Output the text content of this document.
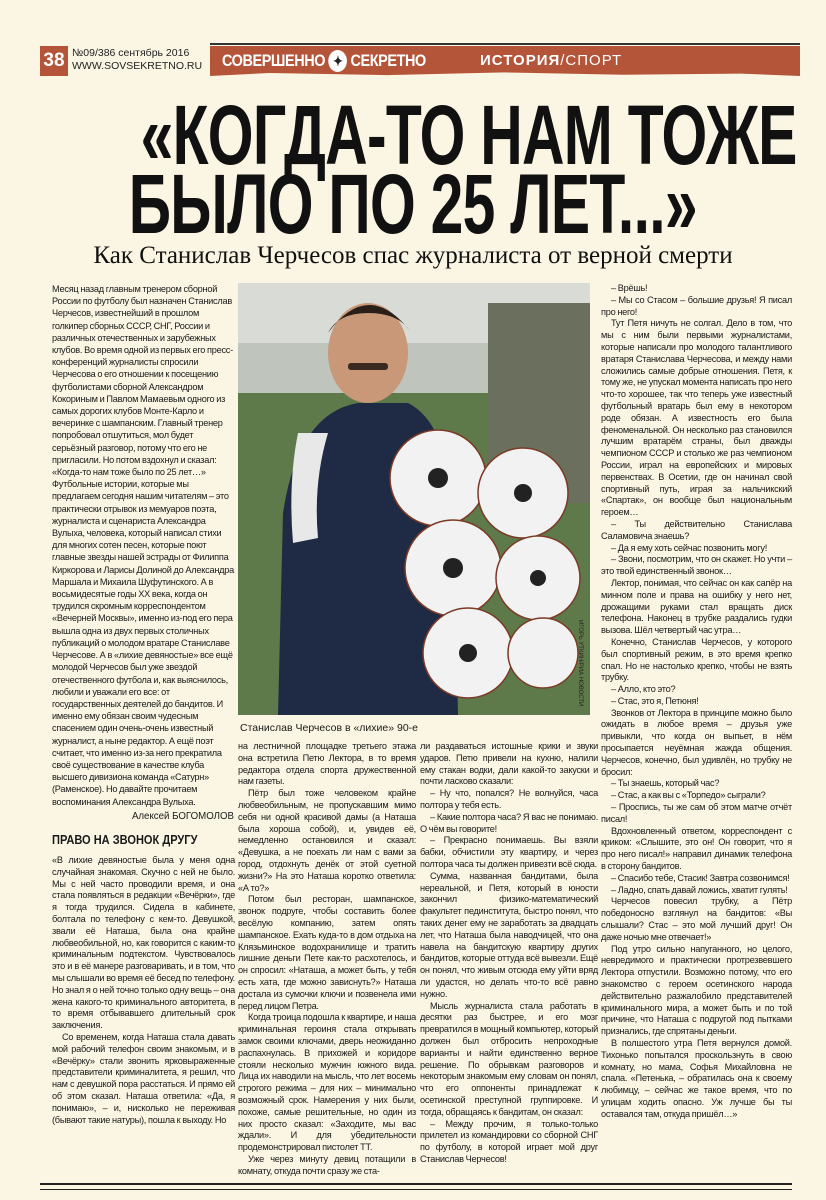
38 №09/386 сентябрь 2016
WWW.SOVSEKRETNO.RU	СОВЕРШЕННО ✦ СЕКРЕТНО	ИСТОРИЯ/СПОРТ
«КОГДА-ТО НАМ ТОЖЕ
БЫЛО ПО 25 ЛЕТ...»
Как Станислав Черчесов спас журналиста от верной смерти

Месяц назад главным тренером сборной России по футболу был назначен Станислав Черчесов, известнейший в прошлом голкипер сборных СССР, СНГ, России и различных отечественных и зарубежных клубов. Во время одной из первых его пресс-конференций журналисты спросили Черчесова о его отношении к посещению футболистами сборной Александром Кокориным и Павлом Мамаевым одного из самых дорогих клубов Монте-Карло и вечеринке с шампанским. Главный тренер попробовал отшутиться, мол будет серьёзный разговор, потому что его не пригласили. Но потом вздохнул и сказал: «Когда-то нам тоже было по 25 лет…»

Футбольные истории, которые мы предлагаем сегодня нашим читателям – это практически отрывок из мемуаров поэта, журналиста и сценариста Александра Вулыха, человека, который написал стихи для многих сотен песен, которые поют главные звезды нашей эстрады от Филиппа Киркорова и Ларисы Долиной до Александра Маршала и Михаила Шуфутинского. А в восьмидесятые годы XX века, когда он трудился скромным корреспондентом «Вечерней Москвы», именно из-под его пера вышла одна из двух первых столичных публикаций о молодом вратаре Станиславе Черчесове. А в «лихие девяностые» все ещё молодой Черчесов был уже звездой отечественного футбола и, как выяснилось, любили и уважали его все: от государственных деятелей до бандитов. И именно ему обязан своим чудесным спасением один очень-очень известный журналист, а ныне редактор. А ещё поэт считает, что именно из-за него прекратила своё существование в качестве клуба высшего дивизиона команда «Сатурн» (Раменское). Но давайте прочитаем воспоминания Александра Вулыха.

Алексей БОГОМОЛОВ
ПРАВО НА ЗВОНОК ДРУГУ

«В лихие девяностые была у меня одна случайная знакомая. Скучно с ней не было. Мы с ней часто проводили время, и она стала появляться в редакции «Вечёрки», где я тогда трудился. Сидела в кабинете, болтала по телефону с кем-то. Девушкой, звали её Наташа, была она крайне любвеобильной, но, как говорится с каким-то криминальным подтекстом. Чувствовалось это и в её манере разговаривать, и в том, что мы слышали во время её бесед по телефону. Но знал я о ней точно только одну вещь – она жена какого-то криминального авторитета, в то время отбывавшего длительный срок заключения.

Со временем, когда Наташа стала давать мой рабочий телефон своим знакомым, и в «Вечёрку» стали звонить ярковыраженные представители криминалитета, я решил, что нам с девушкой пора расстаться. И прямо ей об этом сказал. Наташа ответила: «Да, я понимаю», – и, нисколько не переживая (бывают такие натуры), пошла к выходу. Но

ИГОРЬ УТКИН/РИА НОВОСТИ
Станислав Черчесов в «лихие» 90-е

на лестничной площадке третьего этажа она встретила Петю Лектора, в то время редактора отдела спорта дружественной нам газеты.

Пётр был тоже человеком крайне любвеобильным, не пропускавшим мимо себя ни одной красивой дамы (а Наташа была хороша собой), и, увидев её, немедленно остановился и сказал: «Девушка, а не поехать ли нам с вами за город, отдохнуть денёк от этой суетной жизни?» На это Наташа коротко ответила: «А то?»

Потом был ресторан, шампанское, звонок подруге, чтобы составить более весёлую компанию, затем опять шампанское. Ехать куда-то в дом отдыха на Клязьминское водохранилище и тратить лишние деньги Пете как-то расхотелось, и он спросил: «Наташа, а может быть, у тебя есть хата, где можно зависнуть?» Наташа достала из сумочки ключи и позвенела ими перед лицом Петра.

Когда троица подошла к квартире, и наша криминальная героиня стала открывать замок своими ключами, дверь неожиданно распахнулась. В прихожей и коридоре стояли несколько мужчин южного вида. Лица их наводили на мысль, что лет восемь строгого режима – для них – минимально возможный срок. Намерения у них были, похоже, самые решительные, но один из них просто сказал: «Заходите, мы вас ждали». И для убедительности продемонстрировал пистолет ТТ.

Уже через минуту девиц потащили в комнату, откуда почти сразу же ста-

ли раздаваться истошные крики и звуки ударов. Петю привели на кухню, налили ему стакан водки, дали какой-то закуски и почти ласково сказали:

– Ну что, попался? Не волнуйся, часа полтора у тебя есть.

– Какие полтора часа? Я вас не понимаю. О чём вы говорите!

– Прекрасно понимаешь. Вы взяли бабки, обчистили эту квартиру, и через полтора часа ты должен привезти всё сюда.

Сумма, названная бандитами, была нереальной, и Петя, который в юности закончил физико-математический факультет пединститута, быстро понял, что таких денег ему не заработать за двадцать лет, что Наташа была наводчицей, что она навела на бандитскую квартиру других бандитов, которые оттуда всё вывезли. Ещё он понял, что живым отсюда ему уйти вряд ли удастся, но делать что-то всё равно нужно.

Мысль журналиста стала работать в десятки раз быстрее, и его мозг превратился в мощный компьютер, который должен был отбросить непроходные варианты и найти единственно верное решение. По обрывкам разговоров и некоторым знакомым ему словам он понял, что его оппоненты принадлежат к осетинской преступной группировке. И тогда, обращаясь к бандитам, он сказал:

– Между прочим, я только-только прилетел из командировки со сборной СНГ по футболу, в которой играет мой друг Станислав Черчесов!

– Врёшь!

– Мы со Стасом – большие друзья! Я писал про него!

Тут Петя ничуть не солгал. Дело в том, что мы с ним были первыми журналистами, которые написали про молодого талантливого вратаря Станислава Черчесова, и между нами сложились самые добрые отношения. Петя, к тому же, не упускал момента написать про него что-то хорошее, так что теперь уже известный футбольный вратарь был ему в некотором роде обязан. А известность его была феноменальной. Он несколько раз становился лучшим вратарём страны, был дважды чемпионом СССР и столько же раз чемпионом России, играл на европейских и мировых первенствах. В Осетии, где он начинал свой спортивный путь, играя за нальчикский «Спартак», он вообще был национальным героем…

– Ты действительно Станислава Саламовича знаешь?

– Да я ему хоть сейчас позвонить могу!

– Звони, посмотрим, что он скажет. Но учти – это твой единственный звонок…

Лектор, понимая, что сейчас он как сапёр на минном поле и права на ошибку у него нет, дрожащими руками стал вращать диск телефона. Наконец в трубке раздались гудки вызова. Шёл четвертый час утра…

Конечно, Станислав Черчесов, у которого был спортивный режим, в это время крепко спал. Но не настолько крепко, чтобы не взять трубку.

– Алло, кто это?

– Стас, это я, Петюня!

Звонков от Лектора в принципе можно было ожидать в любое время – друзья уже привыкли, что когда он выпьет, в нём просыпается неуёмная жажда общения. Черчесов, конечно, был удивлён, но трубку не бросил:

– Ты знаешь, который час?

– Стас, а как вы с «Торпедо» сыграли?

– Проспись, ты же сам об этом матче отчёт писал!

Вдохновленный ответом, корреспондент с криком: «Слышите, это он! Он говорит, что я про него писал!» направил динамик телефона в сторону бандитов.

– Спасибо тебе, Стасик! Завтра созвонимся!

– Ладно, спать давай ложись, хватит гулять!

Черчесов повесил трубку, а Пётр победоносно взглянул на бандитов: «Вы слышали? Стас – это мой лучший друг! Он даже ночью мне отвечает!»

Под утро сильно напуганного, но целого, невредимого и практически протрезвевшего Лектора отпустили. Возможно потому, что его знакомство с героем осетинского народа действительно разжалобило представителей криминального мира, а может быть и по той причине, что Наташа с подругой под пытками признались, где спрятаны деньги.

В полшестого утра Петя вернулся домой. Тихонько попытался проскользнуть в свою комнату, но мама, Софья Михайловна не спала. «Петенька, – обратилась она к своему любимцу, – сейчас же такое время, что по улицам ходить опасно. Уж лучше бы ты оставался там, откуда пришёл…»
